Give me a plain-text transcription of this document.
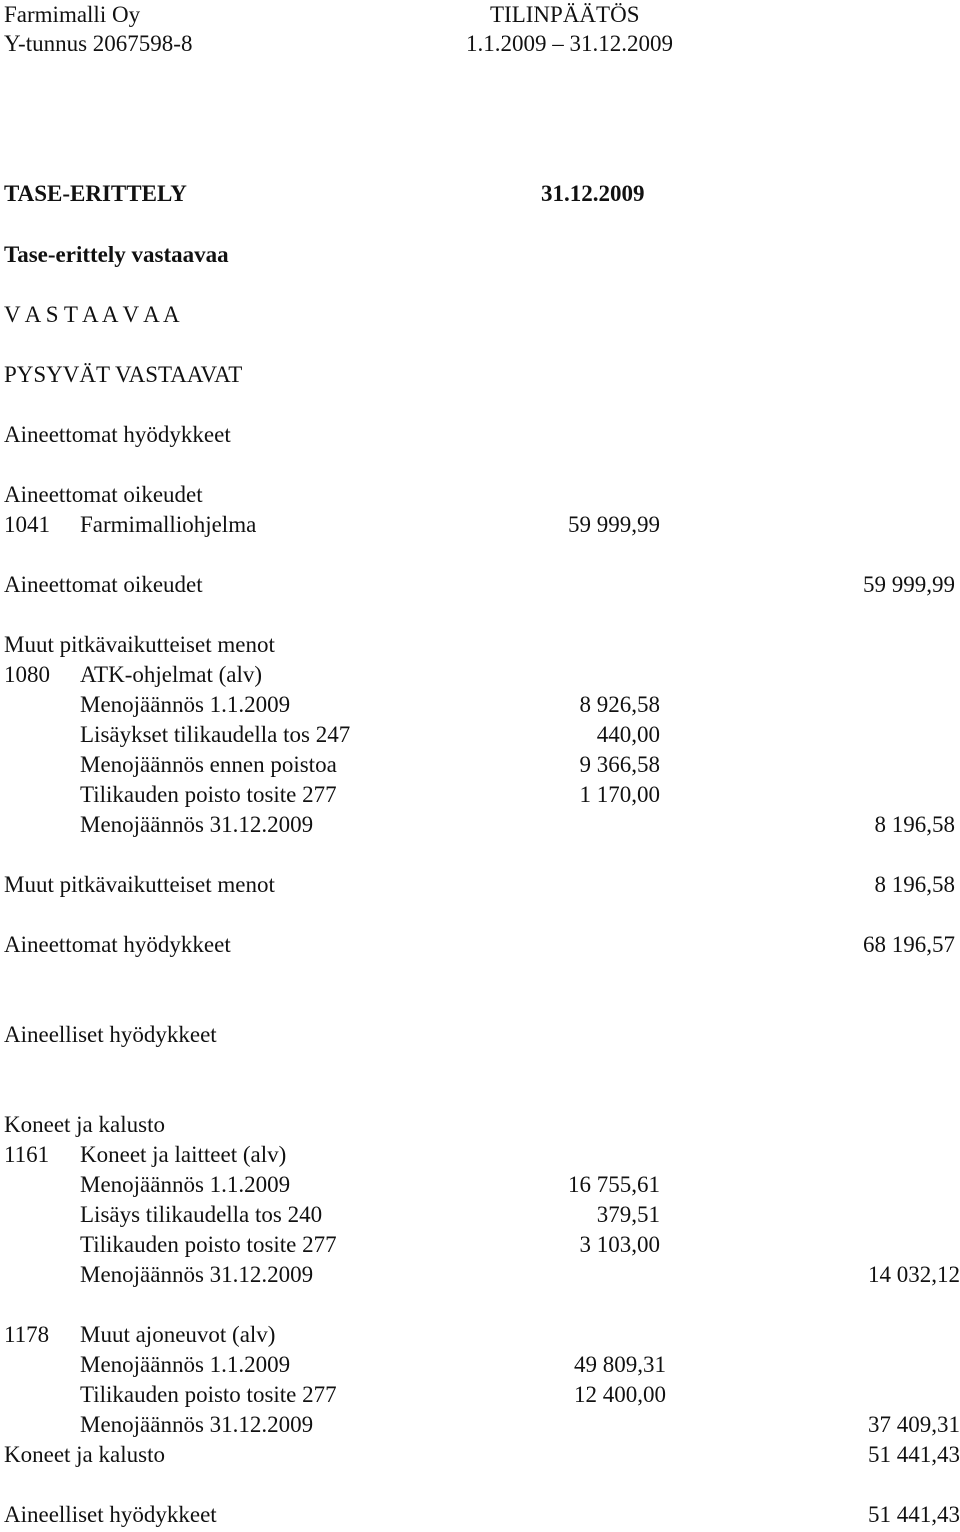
Farmimalli Oy
Y-tunnus 2067598-8
TILINPÄÄTÖS
1.1.2009 – 31.12.2009
TASE-ERITTELY	31.12.2009
Tase-erittely vastaavaa
V A S T A A V A A
PYSYVÄT VASTAAVAT
Aineettomat hyödykkeet
Aineettomat oikeudet
1041 Farmimalliohjelma	59 999,99
Aineettomat oikeudet	59 999,99
Muut pitkävaikutteiset menot
1080 ATK-ohjelmat (alv)
Menojäännös 1.1.2009	8 926,58
Lisäykset tilikaudella tos 247	440,00
Menojäännös ennen poistoa	9 366,58
Tilikauden poisto tosite 277	1 170,00
Menojäännös 31.12.2009	8 196,58
Muut pitkävaikutteiset menot	8 196,58
Aineettomat hyödykkeet	68 196,57
Aineelliset hyödykkeet
Koneet ja kalusto
1161 Koneet ja laitteet (alv)
Menojäännös 1.1.2009	16 755,61
Lisäys tilikaudella tos 240	379,51
Tilikauden poisto tosite 277	3 103,00
Menojäännös 31.12.2009	14 032,12
1178 Muut ajoneuvot (alv)
Menojäännös 1.1.2009	49 809,31
Tilikauden poisto tosite 277	12 400,00
Menojäännös 31.12.2009	37 409,31
Koneet ja kalusto	51 441,43
Aineelliset hyödykkeet	51 441,43
